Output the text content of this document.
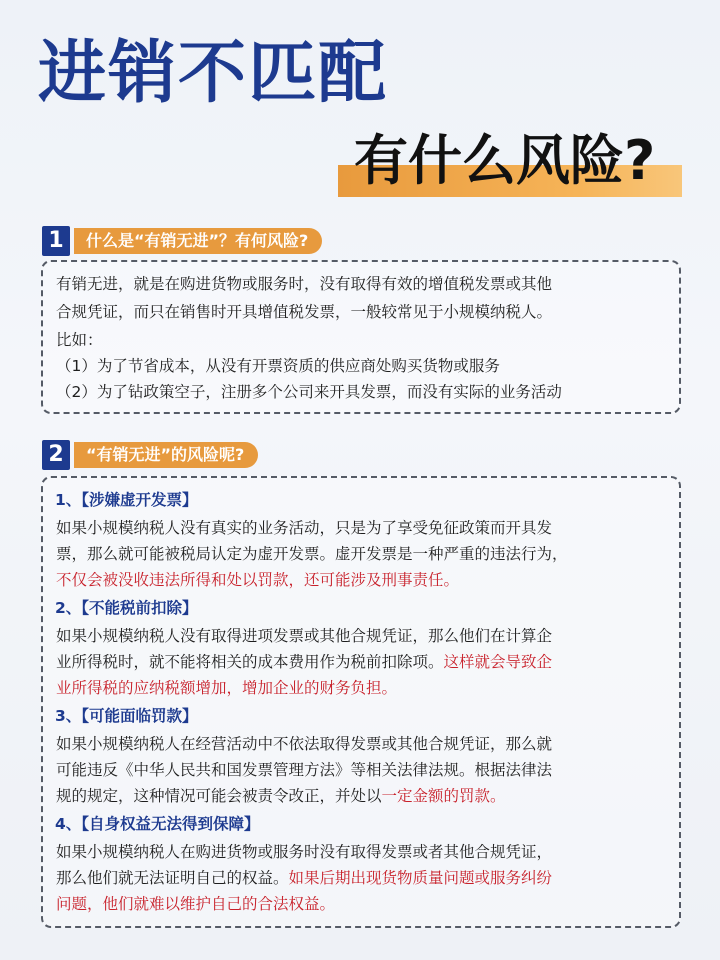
进销不匹配
有什么风险?
1	什么是“有销无进”？有何风险?
有销无进，就是在购进货物或服务时，没有取得有效的增值税发票或其他
合规凭证，而只在销售时开具增值税发票，一般较常见于小规模纳税人。
比如：
（1）为了节省成本，从没有开票资质的供应商处购买货物或服务
（2）为了钻政策空子，注册多个公司来开具发票，而没有实际的业务活动
2	“有销无进”的风险呢?
1、【涉嫌虚开发票】
如果小规模纳税人没有真实的业务活动，只是为了享受免征政策而开具发
票，那么就可能被税局认定为虚开发票。虚开发票是一种严重的违法行为，
不仅会被没收违法所得和处以罚款，还可能涉及刑事责任。
2、【不能税前扣除】
如果小规模纳税人没有取得进项发票或其他合规凭证，那么他们在计算企
业所得税时，就不能将相关的成本费用作为税前扣除项。这样就会导致企
业所得税的应纳税额增加，增加企业的财务负担。
3、【可能面临罚款】
如果小规模纳税人在经营活动中不依法取得发票或其他合规凭证，那么就
可能违反《中华人民共和国发票管理方法》等相关法律法规。根据法律法
规的规定，这种情况可能会被责令改正，并处以一定金额的罚款。
4、【自身权益无法得到保障】
如果小规模纳税人在购进货物或服务时没有取得发票或者其他合规凭证，
那么他们就无法证明自己的权益。如果后期出现货物质量问题或服务纠纷
问题，他们就难以维护自己的合法权益。
